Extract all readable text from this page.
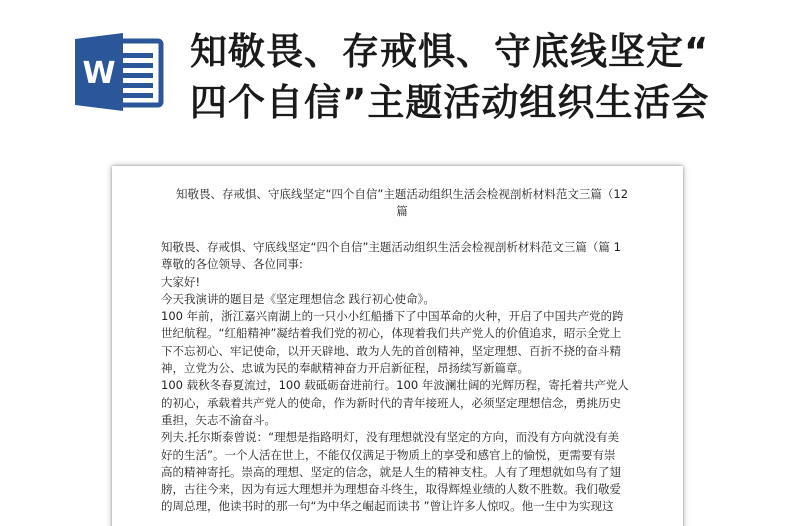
W
知敬畏、存戒惧、守底线坚定“
四个自信”主题活动组织生活会
知敬畏、存戒惧、守底线坚定“四个自信”主题活动组织生活会检视剖析材料范文三篇（12
篇
知敬畏、存戒惧、守底线坚定“四个自信”主题活动组织生活会检视剖析材料范文三篇（篇 1
尊敬的各位领导、各位同事:
大家好!
今天我演讲的题目是《坚定理想信念 践行初心使命》。
100 年前，浙江嘉兴南湖上的一只小小红船播下了中国革命的火种，开启了中国共产党的跨
世纪航程。“红船精神”凝结着我们党的初心，体现着我们共产党人的价值追求，昭示全党上
下不忘初心、牢记使命，以开天辟地、敢为人先的首创精神，坚定理想、百折不挠的奋斗精
神，立党为公、忠诚为民的奉献精神奋力开启新征程，昂扬续写新篇章。
100 载秋冬春夏流过，100 载砥砺奋进前行。100 年波澜壮阔的光辉历程，寄托着共产党人
的初心，承载着共产党人的使命，作为新时代的青年接班人，必须坚定理想信念，勇挑历史
重担，矢志不渝奋斗。
列夫.托尔斯泰曾说：“理想是指路明灯，没有理想就没有坚定的方向，而没有方向就没有美
好的生活”。一个人活在世上，不能仅仅满足于物质上的享受和感官上的愉悦，更需要有崇
高的精神寄托。崇高的理想、坚定的信念，就是人生的精神支柱。人有了理想就如鸟有了翅
膀，古往今来，因为有远大理想并为理想奋斗终生，取得辉煌业绩的人数不胜数。我们敬爱
的周总理，他读书时的那一句“为中华之崛起而读书 ”曾让许多人惊叹。他一生中为实现这
